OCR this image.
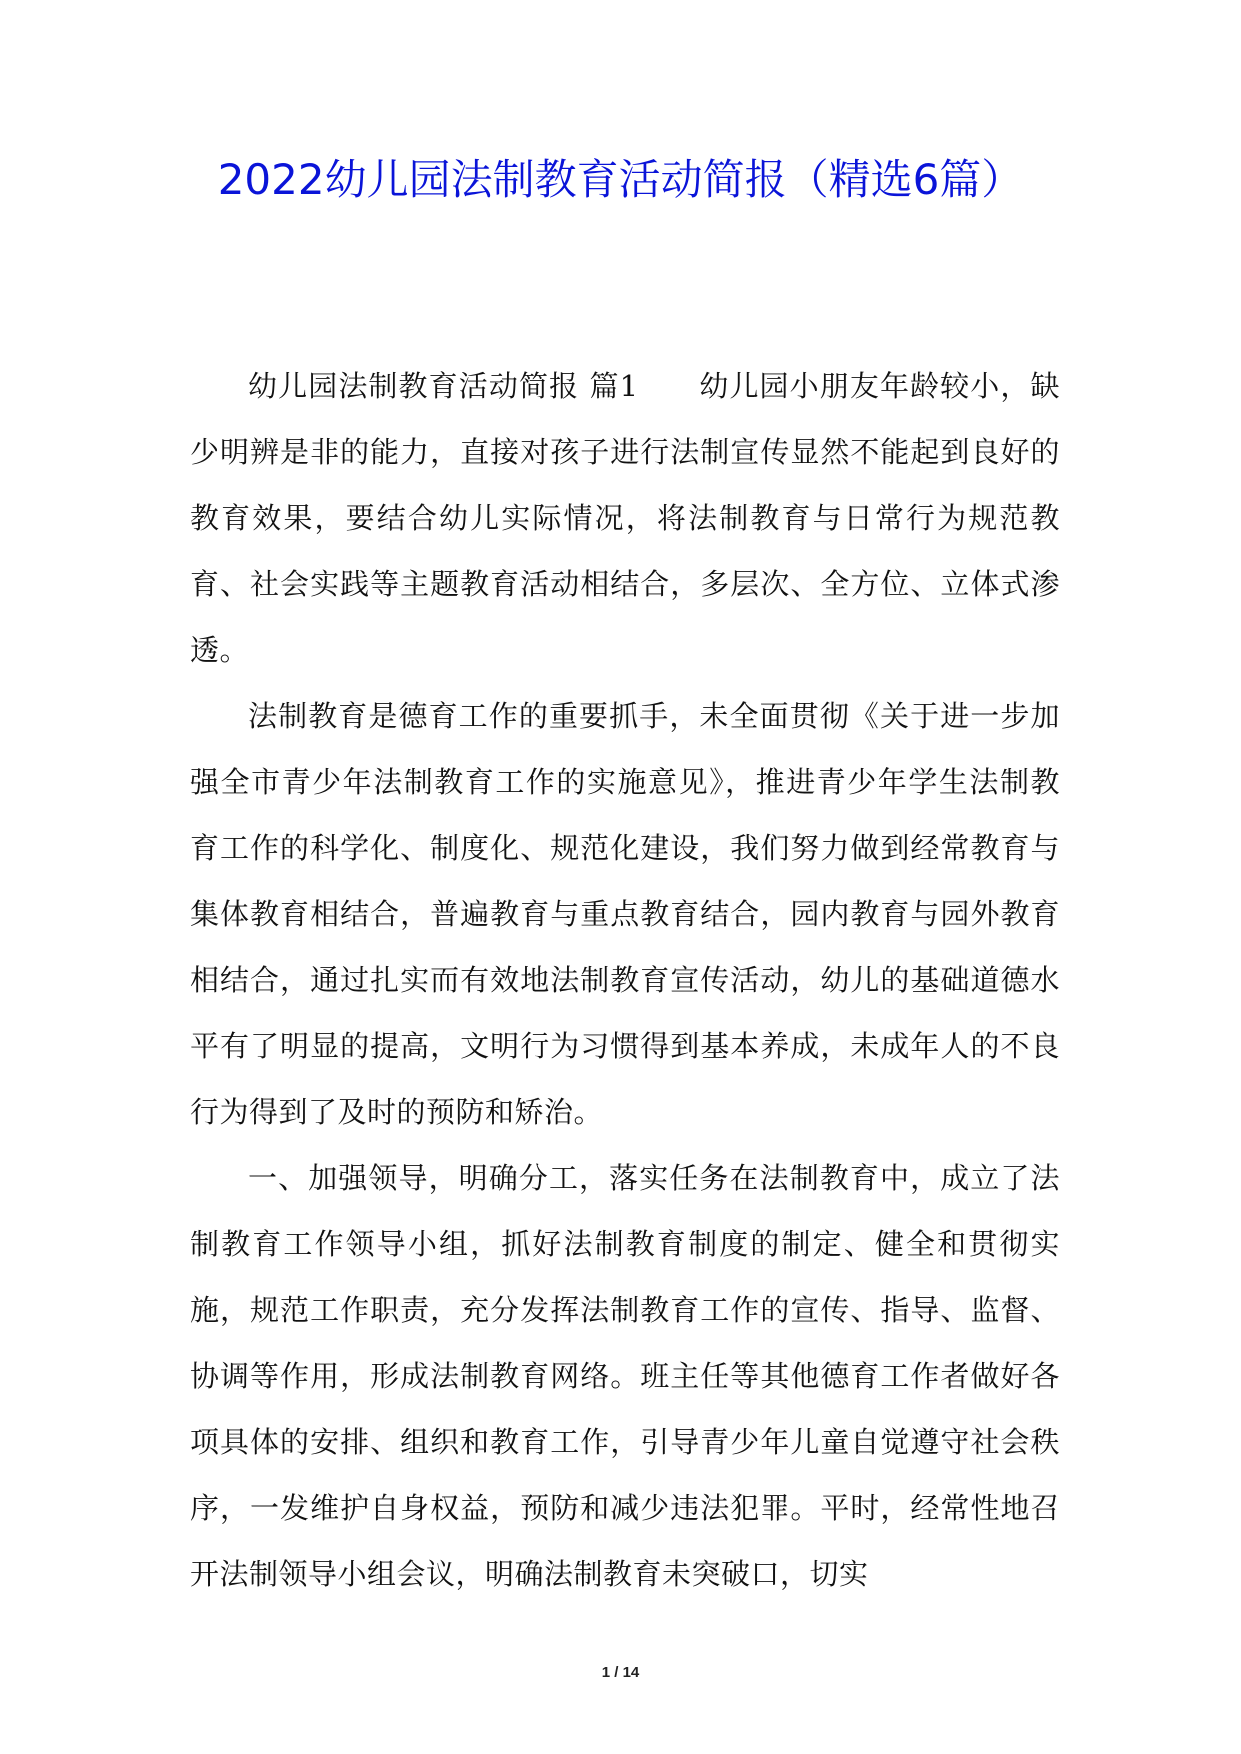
2022幼儿园法制教育活动简报（精选6篇）

幼儿园法制教育活动简报 篇1　　幼儿园小朋友年龄较小，缺少明辨是非的能力，直接对孩子进行法制宣传显然不能起到良好的教育效果，要结合幼儿实际情况，将法制教育与日常行为规范教育、社会实践等主题教育活动相结合，多层次、全方位、立体式渗透。

法制教育是德育工作的重要抓手，未全面贯彻《关于进一步加强全市青少年法制教育工作的实施意见》，推进青少年学生法制教育工作的科学化、制度化、规范化建设，我们努力做到经常教育与集体教育相结合，普遍教育与重点教育结合，园内教育与园外教育相结合，通过扎实而有效地法制教育宣传活动，幼儿的基础道德水平有了明显的提高，文明行为习惯得到基本养成，未成年人的不良行为得到了及时的预防和矫治。

一、加强领导，明确分工，落实任务在法制教育中，成立了法制教育工作领导小组，抓好法制教育制度的制定、健全和贯彻实施，规范工作职责，充分发挥法制教育工作的宣传、指导、监督、协调等作用，形成法制教育网络。班主任等其他德育工作者做好各项具体的安排、组织和教育工作，引导青少年儿童自觉遵守社会秩序，一发维护自身权益，预防和减少违法犯罪。平时，经常性地召开法制领导小组会议，明确法制教育未突破口，切实

1 / 14
